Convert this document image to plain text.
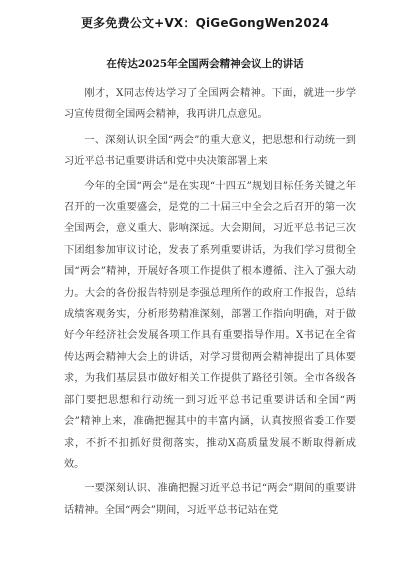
更多免费公文+VX：QiGeGongWen2024
在传达2025年全国两会精神会议上的讲话

刚才，X同志传达学习了全国两会精神。下面，就进一步学习宣传贯彻全国两会精神，我再讲几点意见。

一、深刻认识全国“两会”的重大意义，把思想和行动统一到习近平总书记重要讲话和党中央决策部署上来

今年的全国“两会”是在实现“十四五”规划目标任务关键之年召开的一次重要盛会，是党的二十届三中全会之后召开的第一次全国两会，意义重大、影响深远。大会期间，习近平总书记三次下团组参加审议讨论，发表了系列重要讲话，为我们学习贯彻全国“两会”精神，开展好各项工作提供了根本遵循、注入了强大动力。大会的各份报告特别是李强总理所作的政府工作报告，总结成绩客观务实，分析形势精准深刻，部署工作指向明确，对于做好今年经济社会发展各项工作具有重要指导作用。X书记在全省传达两会精神大会上的讲话，对学习贯彻两会精神提出了具体要求，为我们基层县市做好相关工作提供了路径引领。全市各级各部门要把思想和行动统一到习近平总书记重要讲话和全国“两会”精神上来，准确把握其中的丰富内涵，认真按照省委工作要求，不折不扣抓好贯彻落实，推动X高质量发展不断取得新成效。

一要深刻认识、准确把握习近平总书记“两会”期间的重要讲话精神。全国“两会”期间，习近平总书记站在党
